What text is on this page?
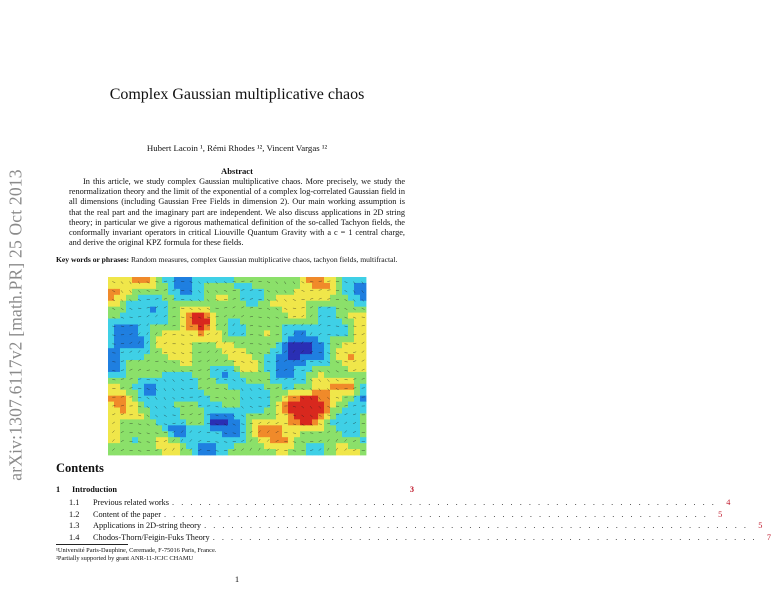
arXiv:1307.6117v2 [math.PR] 25 Oct 2013
Complex Gaussian multiplicative chaos
Hubert Lacoin ¹, Rémi Rhodes ¹², Vincent Vargas ¹²
Abstract
In this article, we study complex Gaussian multiplicative chaos. More precisely, we study the renormalization theory and the limit of the exponential of a complex log-correlated Gaussian field in all dimensions (including Gaussian Free Fields in dimension 2). Our main working assumption is that the real part and the imaginary part are independent. We also discuss applications in 2D string theory; in particular we give a rigorous mathematical definition of the so-called Tachyon fields, the conformally invariant operators in critical Liouville Quantum Gravity with a c = 1 central charge, and derive the original KPZ formula for these fields.
Key words or phrases: Random measures, complex Gaussian multiplicative chaos, tachyon fields, multifractal.
Contents
1	Introduction	3
1.1	Previous related works . . . . . . . . . . . . . . . . . . . . . . . . . . . . . . . . . . . . . . . . . . . . . . . . . . . . . . . . . . . .	4
1.2	Content of the paper . . . . . . . . . . . . . . . . . . . . . . . . . . . . . . . . . . . . . . . . . . . . . . . . . . . . . . . . . . . .	5
1.3	Applications in 2D-string theory . . . . . . . . . . . . . . . . . . . . . . . . . . . . . . . . . . . . . . . . . . . . . . . . . . . . . . . . . . . .	5
1.4	Chodos-Thorn/Feigin-Fuks Theory . . . . . . . . . . . . . . . . . . . . . . . . . . . . . . . . . . . . . . . . . . . . . . . . . . . . . . . . . . . .	7
¹Université Paris-Dauphine, Ceremade, F-75016 Paris, France.
²Partially supported by grant ANR-11-JCJC CHAMU
1
